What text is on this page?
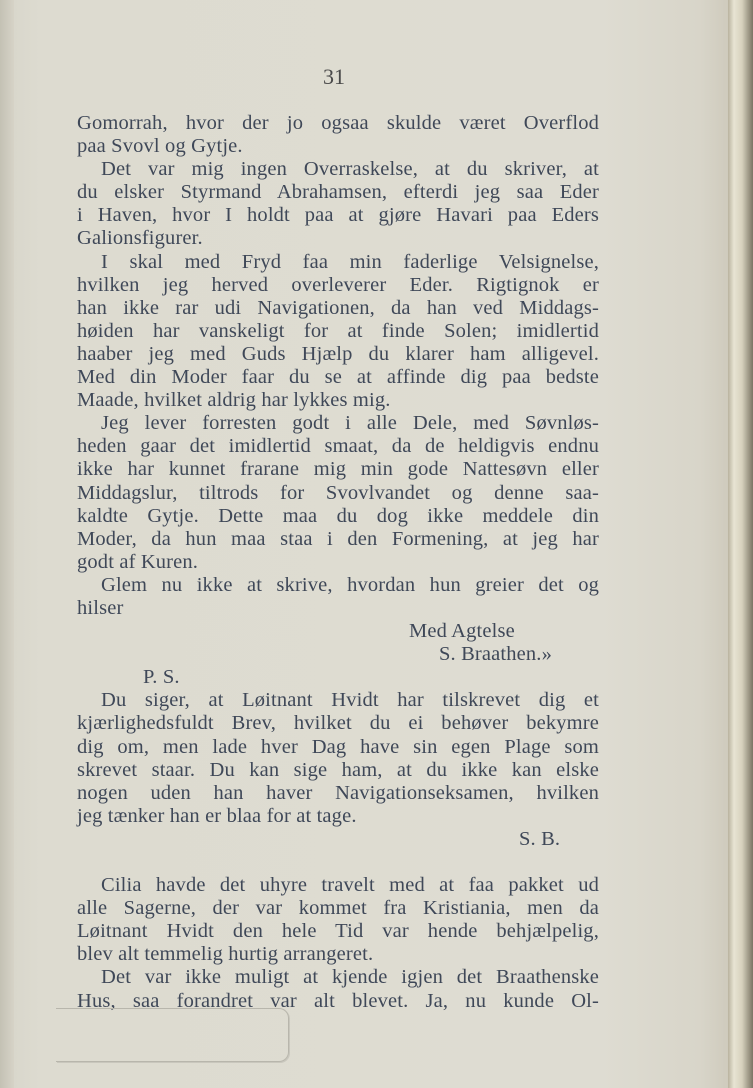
31
Gomorrah, hvor der jo ogsaa skulde været Overflod
paa Svovl og Gytje.
Det var mig ingen Overraskelse, at du skriver, at
du elsker Styrmand Abrahamsen, efterdi jeg saa Eder
i Haven, hvor I holdt paa at gjøre Havari paa Eders
Galionsfigurer.
I skal med Fryd faa min faderlige Velsignelse,
hvilken jeg herved overleverer Eder. Rigtignok er
han ikke rar udi Navigationen, da han ved Middags-
høiden har vanskeligt for at finde Solen; imidlertid
haaber jeg med Guds Hjælp du klarer ham alligevel.
Med din Moder faar du se at affinde dig paa bedste
Maade, hvilket aldrig har lykkes mig.
Jeg lever forresten godt i alle Dele, med Søvnløs-
heden gaar det imidlertid smaat, da de heldigvis endnu
ikke har kunnet frarane mig min gode Nattesøvn eller
Middagslur, tiltrods for Svovlvandet og denne saa-
kaldte Gytje. Dette maa du dog ikke meddele din
Moder, da hun maa staa i den Formening, at jeg har
godt af Kuren.
Glem nu ikke at skrive, hvordan hun greier det og
hilser
Med Agtelse
S. Braathen.»
P. S.
Du siger, at Løitnant Hvidt har tilskrevet dig et
kjærlighedsfuldt Brev, hvilket du ei behøver bekymre
dig om, men lade hver Dag have sin egen Plage som
skrevet staar. Du kan sige ham, at du ikke kan elske
nogen uden han haver Navigationseksamen, hvilken
jeg tænker han er blaa for at tage.
S. B.
Cilia havde det uhyre travelt med at faa pakket ud
alle Sagerne, der var kommet fra Kristiania, men da
Løitnant Hvidt den hele Tid var hende behjælpelig,
blev alt temmelig hurtig arrangeret.
Det var ikke muligt at kjende igjen det Braathenske
Hus, saa forandret var alt blevet. Ja, nu kunde Ol-
